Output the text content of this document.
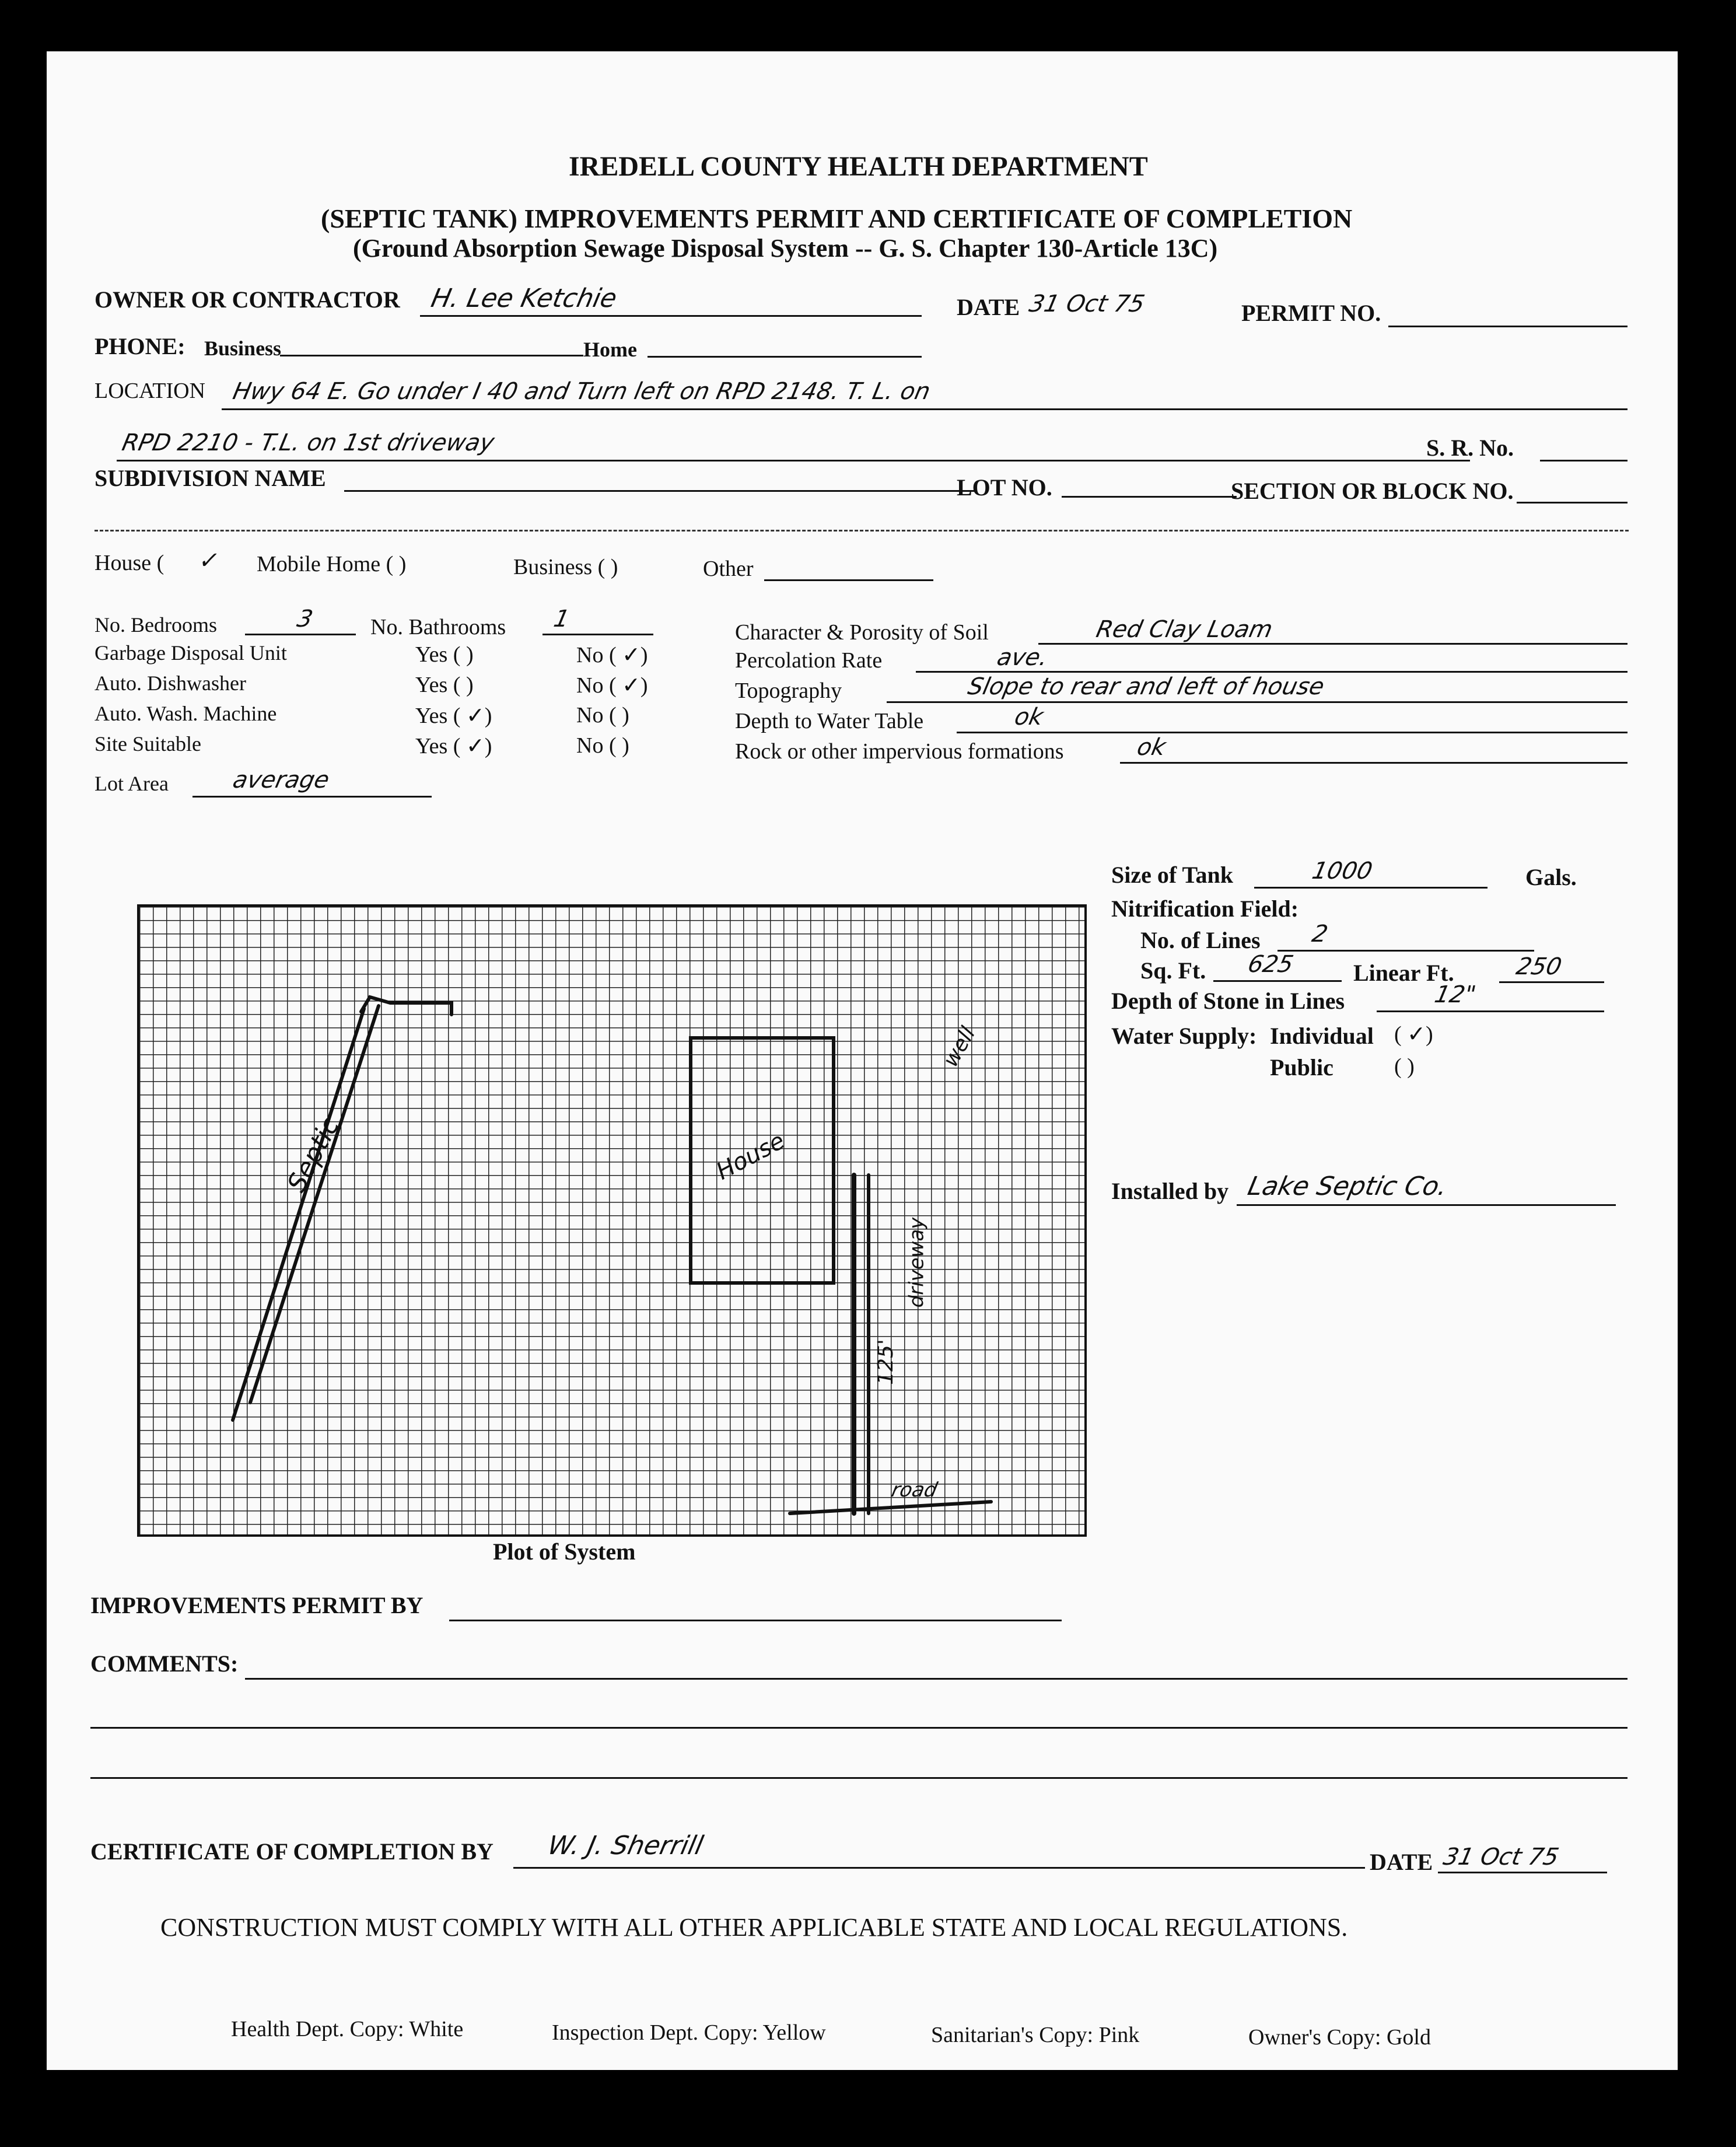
IREDELL COUNTY HEALTH DEPARTMENT
(SEPTIC TANK) IMPROVEMENTS PERMIT AND CERTIFICATE OF COMPLETION
(Ground Absorption Sewage Disposal System -- G. S. Chapter 130-Article 13C)
OWNER OR CONTRACTOR H. Lee Ketchie	DATE 31 Oct 75	PERMIT NO.
PHONE: Business	Home
LOCATION Hwy 64 E. Go under I 40 and Turn left on RPD 2148. T. L. on
RPD 2210 - T.L. on 1st driveway	S. R. No.
SUBDIVISION NAME	LOT NO.	SECTION OR BLOCK NO.
House ( ✓ Mobile Home ( )	Business ( )	Other
No. Bedrooms	3 No. Bathrooms 1
Garbage Disposal Unit	Yes ( )	No ( ✓)
Auto. Dishwasher	Yes ( )	No ( ✓)
Auto. Wash. Machine	Yes ( ✓)	No ( )
Site Suitable	Yes ( ✓)	No ( )
Lot Area	average
Character & Porosity of Soil	Red Clay Loam
Percolation Rate	ave.
Topography	Slope to rear and left of house
Depth to Water Table	ok
Rock or other impervious formations	ok
Size of Tank	1000	Gals.
Nitrification Field:
No. of Lines 2
Sq. Ft. 625 Linear Ft.	250
Depth of Stone in Lines	12"
Water Supply: Individual ( ✓)
Public	( )
Installed by Lake Septic Co.
Septic	House
well
125'
driveway
road
Plot of System
IMPROVEMENTS PERMIT BY
COMMENTS:
CERTIFICATE OF COMPLETION BY W. J. Sherrill
DATE 31 Oct 75
CONSTRUCTION MUST COMPLY WITH ALL OTHER APPLICABLE STATE AND LOCAL REGULATIONS.
Health Dept. Copy: White	Inspection Dept. Copy: Yellow	Sanitarian's Copy: Pink	Owner's Copy: Gold
